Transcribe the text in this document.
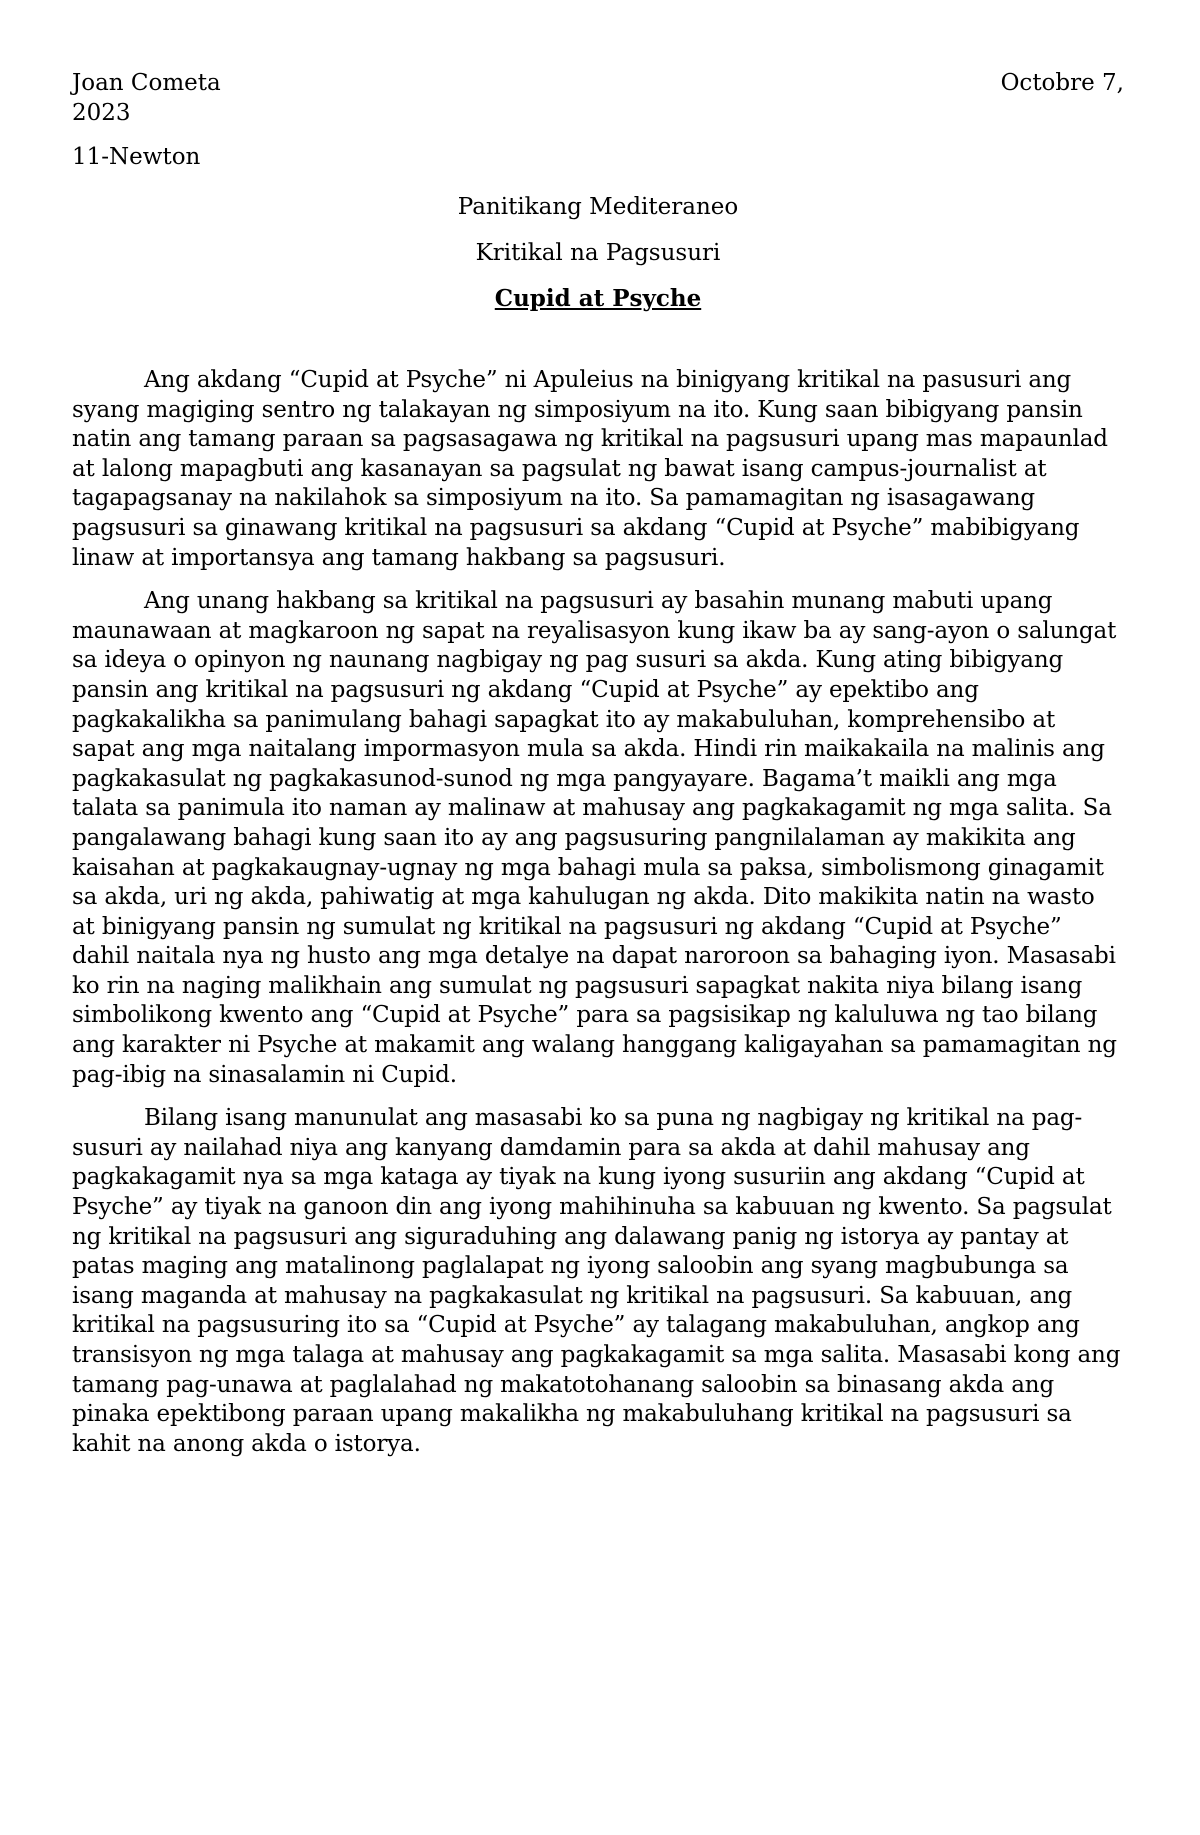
Joan Cometa	Octobre 7,
2023
11-Newton
Panitikang Mediteraneo
Kritikal na Pagsusuri
Cupid at Psyche

Ang akdang “Cupid at Psyche” ni Apuleius na binigyang kritikal na pasusuri ang syang magiging sentro ng talakayan ng simposiyum na ito. Kung saan bibigyang pansin natin ang tamang paraan sa pagsasagawa ng kritikal na pagsusuri upang mas mapaunlad at lalong mapagbuti ang kasanayan sa pagsulat ng bawat isang campus-journalist at tagapagsanay na nakilahok sa simposiyum na ito. Sa pamamagitan ng isasagawang pagsusuri sa ginawang kritikal na pagsusuri sa akdang “Cupid at Psyche” mabibigyang linaw at importansya ang tamang hakbang sa pagsusuri.

Ang unang hakbang sa kritikal na pagsusuri ay basahin munang mabuti upang maunawaan at magkaroon ng sapat na reyalisasyon kung ikaw ba ay sang-ayon o salungat sa ideya o opinyon ng naunang nagbigay ng pag susuri sa akda. Kung ating bibigyang pansin ang kritikal na pagsusuri ng akdang “Cupid at Psyche” ay epektibo ang pagkakalikha sa panimulang bahagi sapagkat ito ay makabuluhan, komprehensibo at sapat ang mga naitalang impormasyon mula sa akda. Hindi rin maikakaila na malinis ang pagkakasulat ng pagkakasunod-sunod ng mga pangyayare. Bagama’t maikli ang mga talata sa panimula ito naman ay malinaw at mahusay ang pagkakagamit ng mga salita. Sa pangalawang bahagi kung saan ito ay ang pagsusuring pangnilalaman ay makikita ang kaisahan at pagkakaugnay-ugnay ng mga bahagi mula sa paksa, simbolismong ginagamit sa akda, uri ng akda, pahiwatig at mga kahulugan ng akda. Dito makikita natin na wasto at binigyang pansin ng sumulat ng kritikal na pagsusuri ng akdang “Cupid at Psyche” dahil naitala nya ng husto ang mga detalye na dapat naroroon sa bahaging iyon. Masasabi ko rin na naging malikhain ang sumulat ng pagsusuri sapagkat nakita niya bilang isang simbolikong kwento ang “Cupid at Psyche” para sa pagsisikap ng kaluluwa ng tao bilang ang karakter ni Psyche at makamit ang walang hanggang kaligayahan sa pamamagitan ng pag-ibig na sinasalamin ni Cupid.

Bilang isang manunulat ang masasabi ko sa puna ng nagbigay ng kritikal na pag-susuri ay nailahad niya ang kanyang damdamin para sa akda at dahil mahusay ang pagkakagamit nya sa mga kataga ay tiyak na kung iyong susuriin ang akdang “Cupid at Psyche” ay tiyak na ganoon din ang iyong mahihinuha sa kabuuan ng kwento. Sa pagsulat ng kritikal na pagsusuri ang siguraduhing ang dalawang panig ng istorya ay pantay at patas maging ang matalinong paglalapat ng iyong saloobin ang syang magbubunga sa isang maganda at mahusay na pagkakasulat ng kritikal na pagsusuri. Sa kabuuan, ang kritikal na pagsusuring ito sa “Cupid at Psyche” ay talagang makabuluhan, angkop ang transisyon ng mga talaga at mahusay ang pagkakagamit sa mga salita. Masasabi kong ang tamang pag-unawa at paglalahad ng makatotohanang saloobin sa binasang akda ang pinaka epektibong paraan upang makalikha ng makabuluhang kritikal na pagsusuri sa kahit na anong akda o istorya.
